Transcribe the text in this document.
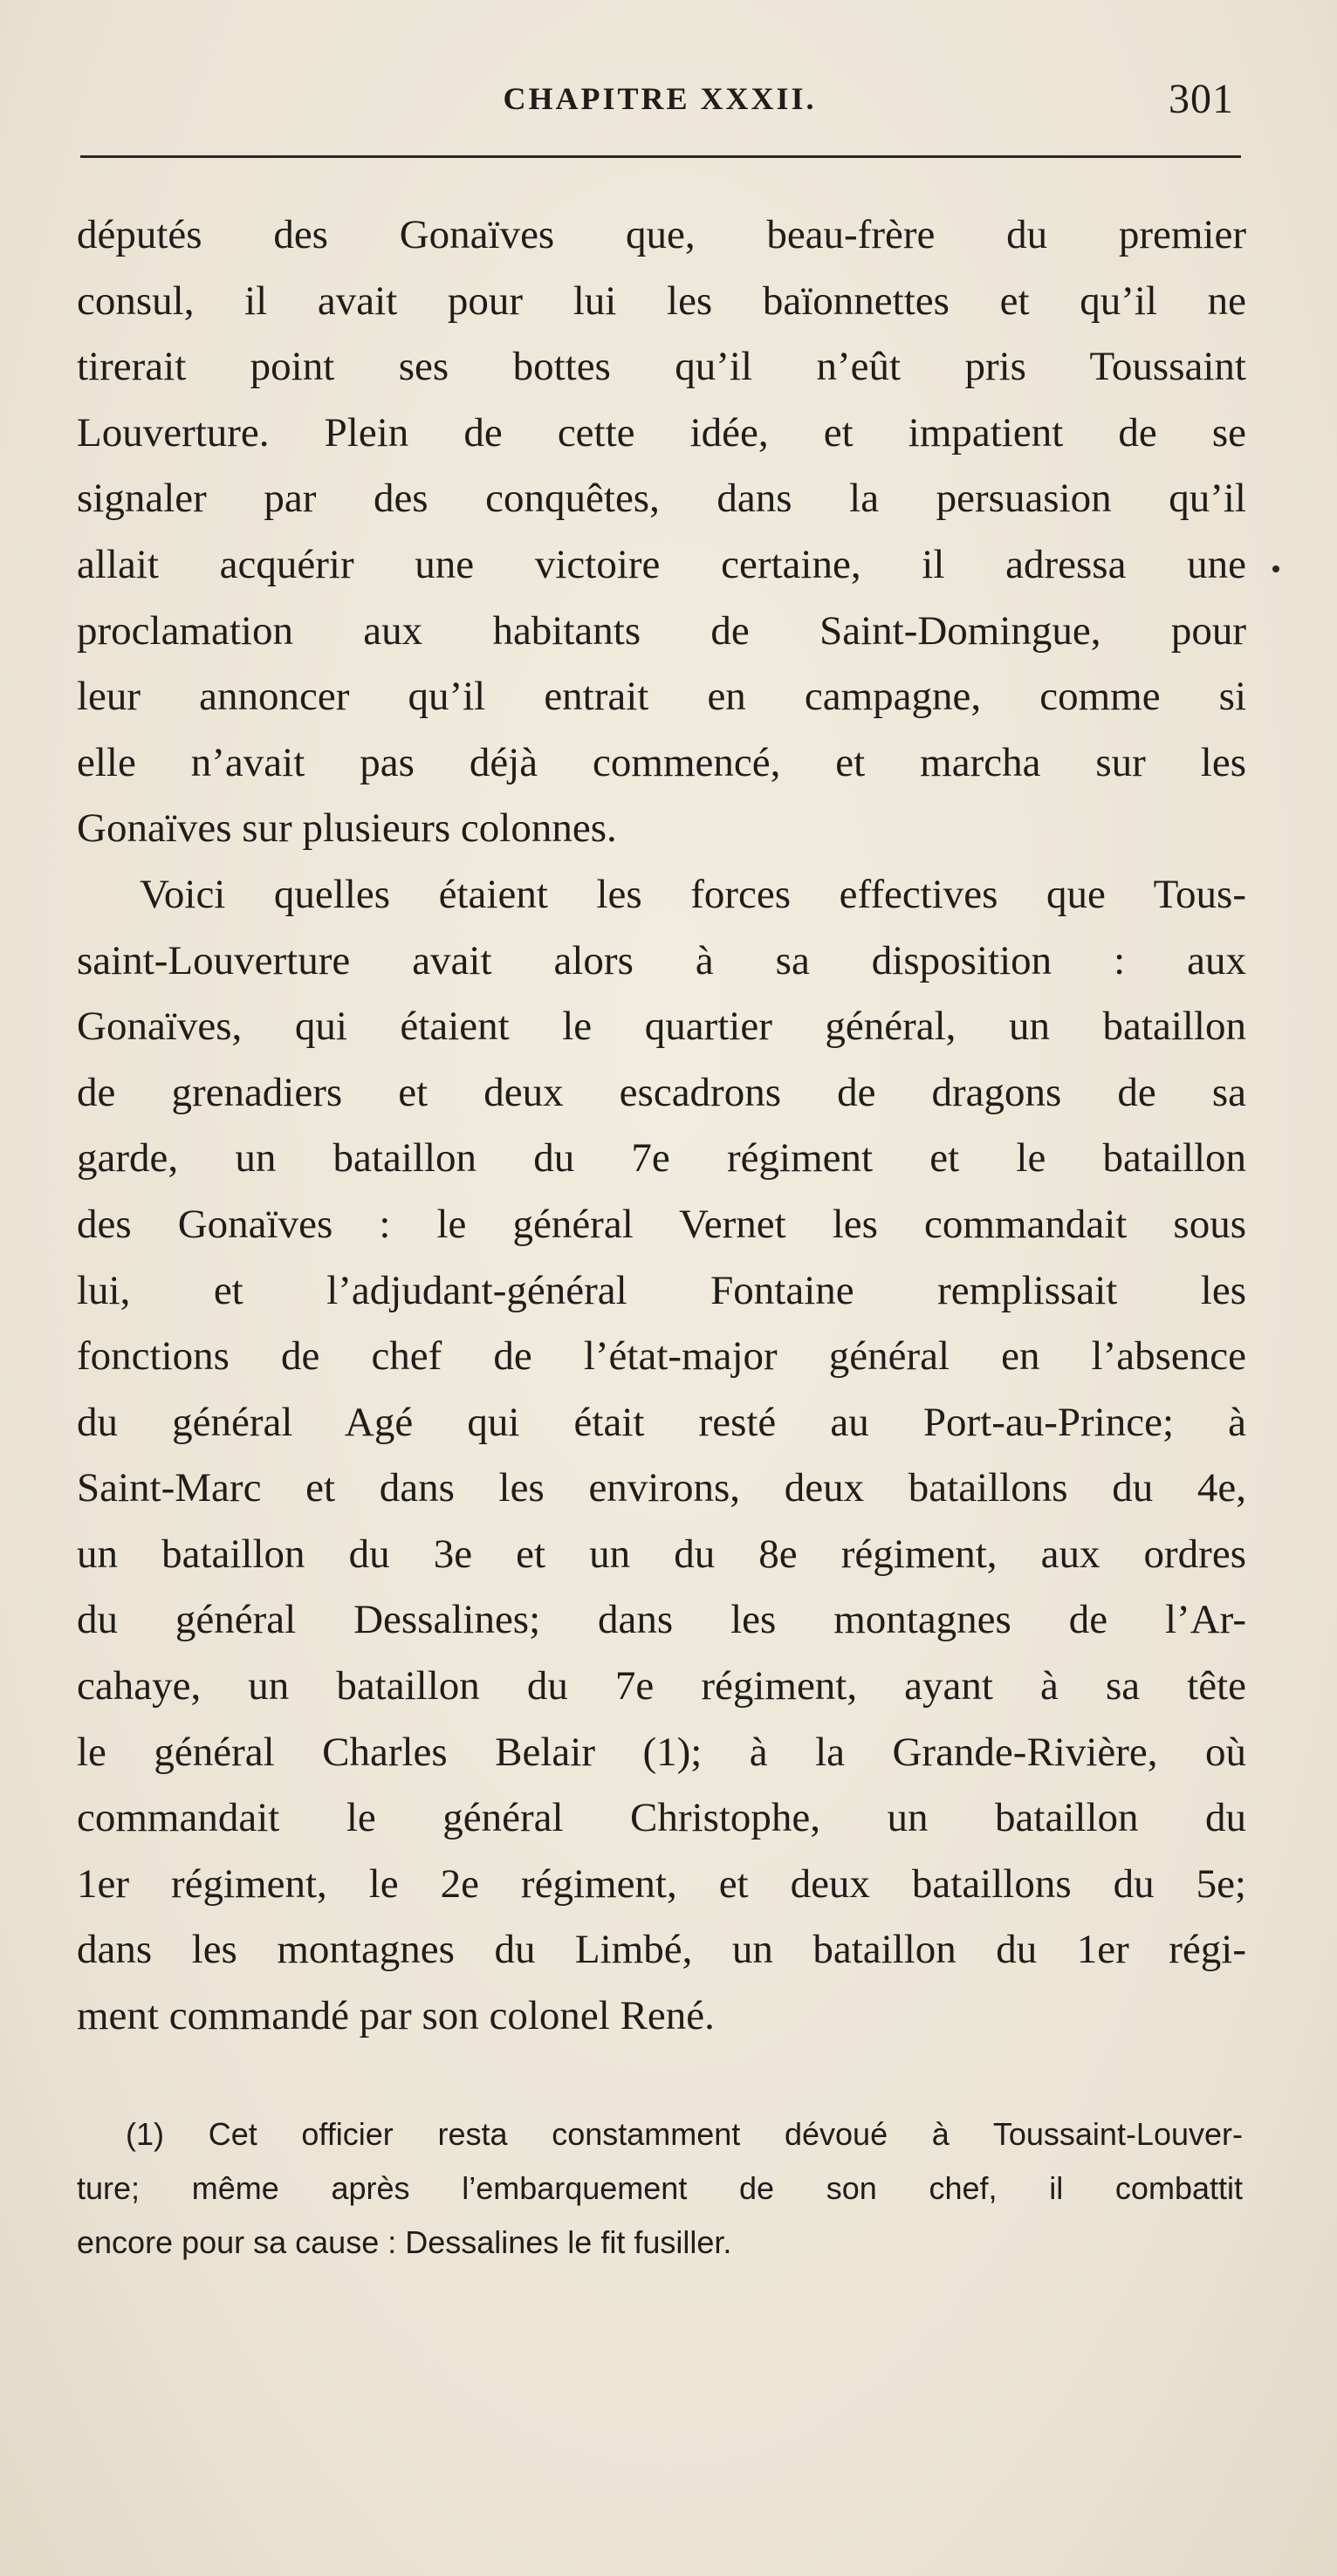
CHAPITRE XXXII.	301
députés des Gonaïves que, beau-frère du premier
consul, il avait pour lui les baïonnettes et qu’il ne
tirerait point ses bottes qu’il n’eût pris Toussaint
Louverture. Plein de cette idée, et impatient de se
signaler par des conquêtes, dans la persuasion qu’il
allait acquérir une victoire certaine, il adressa une
proclamation aux habitants de Saint-Domingue, pour
leur annoncer qu’il entrait en campagne, comme si
elle n’avait pas déjà commencé, et marcha sur les
Gonaïves sur plusieurs colonnes.
Voici quelles étaient les forces effectives que Tous-
saint-Louverture avait alors à sa disposition : aux
Gonaïves, qui étaient le quartier général, un bataillon
de grenadiers et deux escadrons de dragons de sa
garde, un bataillon du 7e régiment et le bataillon
des Gonaïves : le général Vernet les commandait sous
lui, et l’adjudant-général Fontaine remplissait les
fonctions de chef de l’état-major général en l’absence
du général Agé qui était resté au Port-au-Prince; à
Saint-Marc et dans les environs, deux bataillons du 4e,
un bataillon du 3e et un du 8e régiment, aux ordres
du général Dessalines; dans les montagnes de l’Ar-
cahaye, un bataillon du 7e régiment, ayant à sa tête
le général Charles Belair (1); à la Grande-Rivière, où
commandait le général Christophe, un bataillon du
1er régiment, le 2e régiment, et deux bataillons du 5e;
dans les montagnes du Limbé, un bataillon du 1er régi-
ment commandé par son colonel René.
(1) Cet officier resta constamment dévoué à Toussaint-Louver-
ture; même après l’embarquement de son chef, il combattit
encore pour sa cause : Dessalines le fit fusiller.
